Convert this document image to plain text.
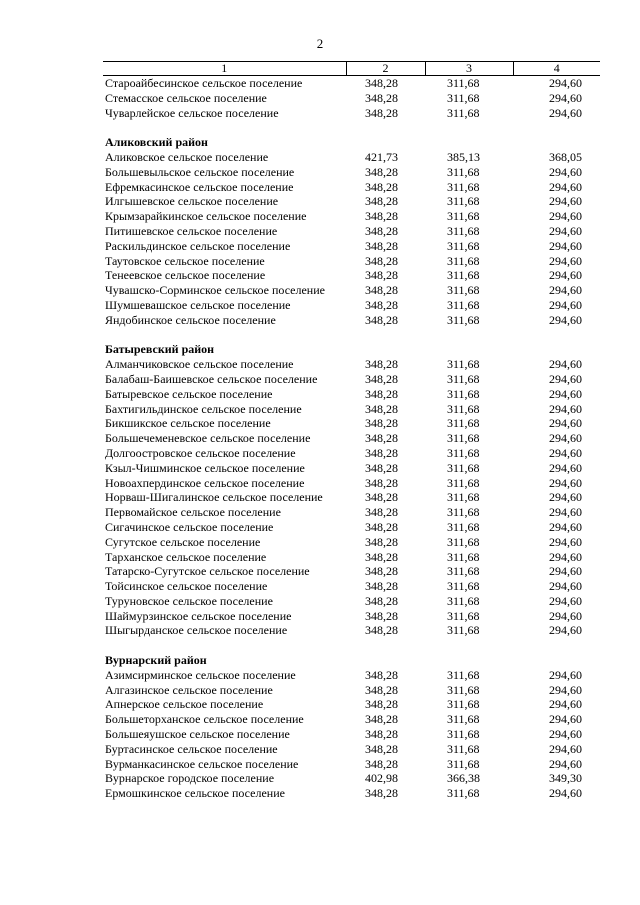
2
1	2	3	4
Староайбесинское сельское поселение	348,28	311,68	294,60
Стемасское сельское поселение	348,28	311,68	294,60
Чуварлейское сельское поселение	348,28	311,68	294,60

Аликовский район			
Аликовское сельское поселение	421,73	385,13	368,05
Большевыльское сельское поселение	348,28	311,68	294,60
Ефремкасинское сельское поселение	348,28	311,68	294,60
Илгышевское сельское поселение	348,28	311,68	294,60
Крымзарайкинское сельское поселение	348,28	311,68	294,60
Питишевское сельское поселение	348,28	311,68	294,60
Раскильдинское сельское поселение	348,28	311,68	294,60
Таутовское сельское поселение	348,28	311,68	294,60
Тенеевское сельское поселение	348,28	311,68	294,60
Чувашско-Сорминское сельское поселение	348,28	311,68	294,60
Шумшевашское сельское поселение	348,28	311,68	294,60
Яндобинское сельское поселение	348,28	311,68	294,60

Батыревский район			
Алманчиковское сельское поселение	348,28	311,68	294,60
Балабаш-Баишевское сельское поселение	348,28	311,68	294,60
Батыревское сельское поселение	348,28	311,68	294,60
Бахтигильдинское сельское поселение	348,28	311,68	294,60
Бикшикское сельское поселение	348,28	311,68	294,60
Большечеменевское сельское поселение	348,28	311,68	294,60
Долгоостровское сельское поселение	348,28	311,68	294,60
Кзыл-Чишминское сельское поселение	348,28	311,68	294,60
Новоахпердинское сельское поселение	348,28	311,68	294,60
Норваш-Шигалинское сельское поселение	348,28	311,68	294,60
Первомайское сельское поселение	348,28	311,68	294,60
Сигачинское сельское поселение	348,28	311,68	294,60
Сугутское сельское поселение	348,28	311,68	294,60
Тарханское сельское поселение	348,28	311,68	294,60
Татарско-Сугутское сельское поселение	348,28	311,68	294,60
Тойсинское сельское поселение	348,28	311,68	294,60
Туруновское сельское поселение	348,28	311,68	294,60
Шаймурзинское сельское поселение	348,28	311,68	294,60
Шыгырданское сельское поселение	348,28	311,68	294,60

Вурнарский район			
Азимсирминское сельское поселение	348,28	311,68	294,60
Алгазинское сельское поселение	348,28	311,68	294,60
Апнерское сельское поселение	348,28	311,68	294,60
Большеторханское сельское поселение	348,28	311,68	294,60
Большеяушское сельское поселение	348,28	311,68	294,60
Буртасинское сельское поселение	348,28	311,68	294,60
Вурманкасинское сельское поселение	348,28	311,68	294,60
Вурнарское городское поселение	402,98	366,38	349,30
Ермошкинское сельское поселение	348,28	311,68	294,60
